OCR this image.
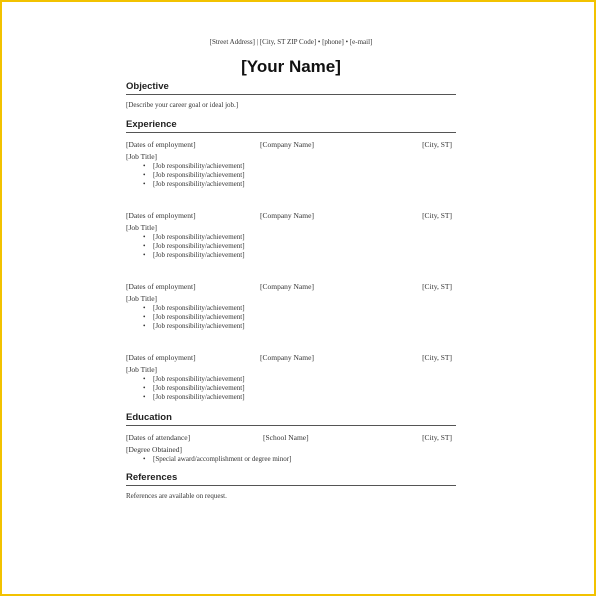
[Street Address] | [City, ST ZIP Code] • [phone] • [e-mail]
[Your Name]
Objective
[Describe your career goal or ideal job.]
Experience
[Dates of employment]	[Company Name]	[City, ST]
[Job Title]
• [Job responsibility/achievement]
• [Job responsibility/achievement]
• [Job responsibility/achievement]
[Dates of employment]	[Company Name]	[City, ST]
[Job Title]
• [Job responsibility/achievement]
• [Job responsibility/achievement]
• [Job responsibility/achievement]
[Dates of employment]	[Company Name]	[City, ST]
[Job Title]
• [Job responsibility/achievement]
• [Job responsibility/achievement]
• [Job responsibility/achievement]
[Dates of employment]	[Company Name]	[City, ST]
[Job Title]
• [Job responsibility/achievement]
• [Job responsibility/achievement]
• [Job responsibility/achievement]
Education
[Dates of attendance]	[School Name]	[City, ST]
[Degree Obtained]
• [Special award/accomplishment or degree minor]
References
References are available on request.
